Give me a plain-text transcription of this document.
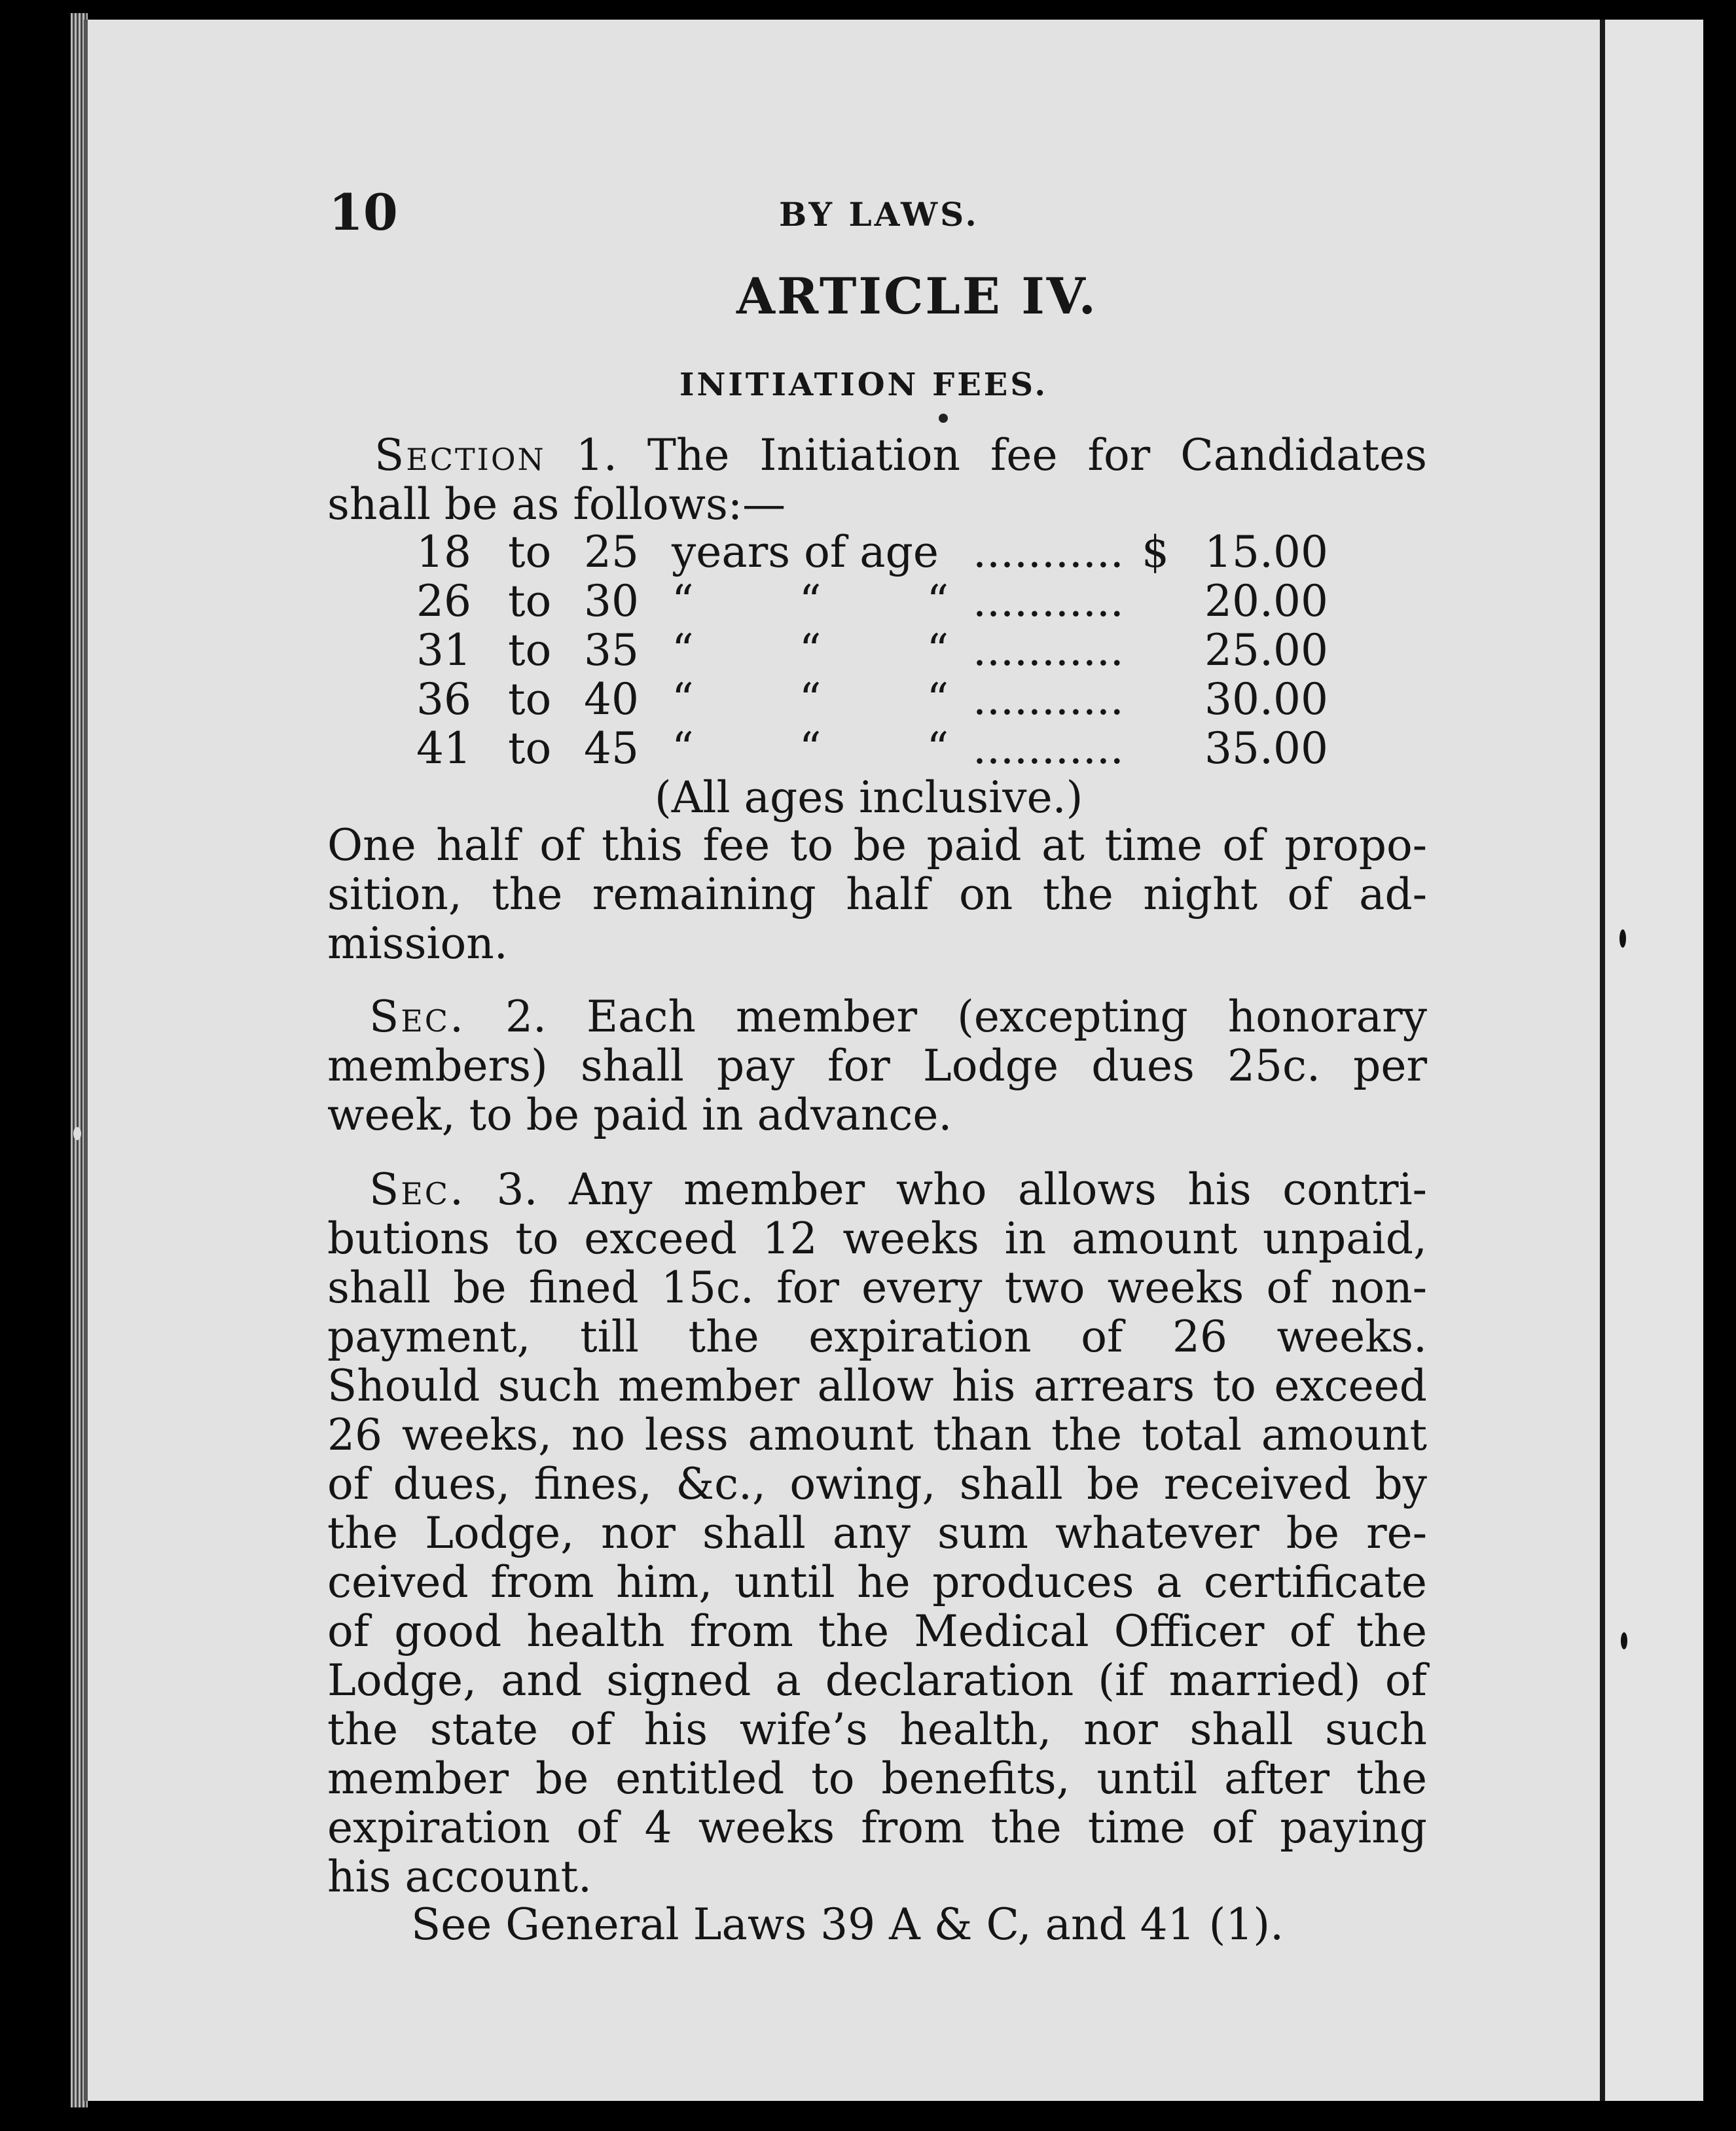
10	BY LAWS.
ARTICLE IV.
INITIATION FEES.
Section 1. The Initiation fee for Candidates
shall be as follows:—
18 to 25 years of age ........... $ 15.00
26 to 30 “ “ “
........... 20.00
31 to 35 “ “ “
........... 25.00
36 to 40 “ “ “
........... 30.00
41 to 45 “ “ “
........... 35.00
(All ages inclusive.)
One half of this fee to be paid at time of propo-
sition, the remaining half on the night of ad-
mission.
Sec. 2. Each member (excepting honorary
members) shall pay for Lodge dues 25c. per
week, to be paid in advance.
Sec. 3. Any member who allows his contri-
butions to exceed 12 weeks in amount unpaid,
shall be fined 15c. for every two weeks of non-
payment, till the expiration of 26 weeks.
Should such member allow his arrears to exceed
26 weeks, no less amount than the total amount
of dues, fines, &c., owing, shall be received by
the Lodge, nor shall any sum whatever be re-
ceived from him, until he produces a certificate
of good health from the Medical Officer of the
Lodge, and signed a declaration (if married) of
the state of his wife’s health, nor shall such
member be entitled to benefits, until after the
expiration of 4 weeks from the time of paying
his account.
See General Laws 39 A & C, and 41 (1).
